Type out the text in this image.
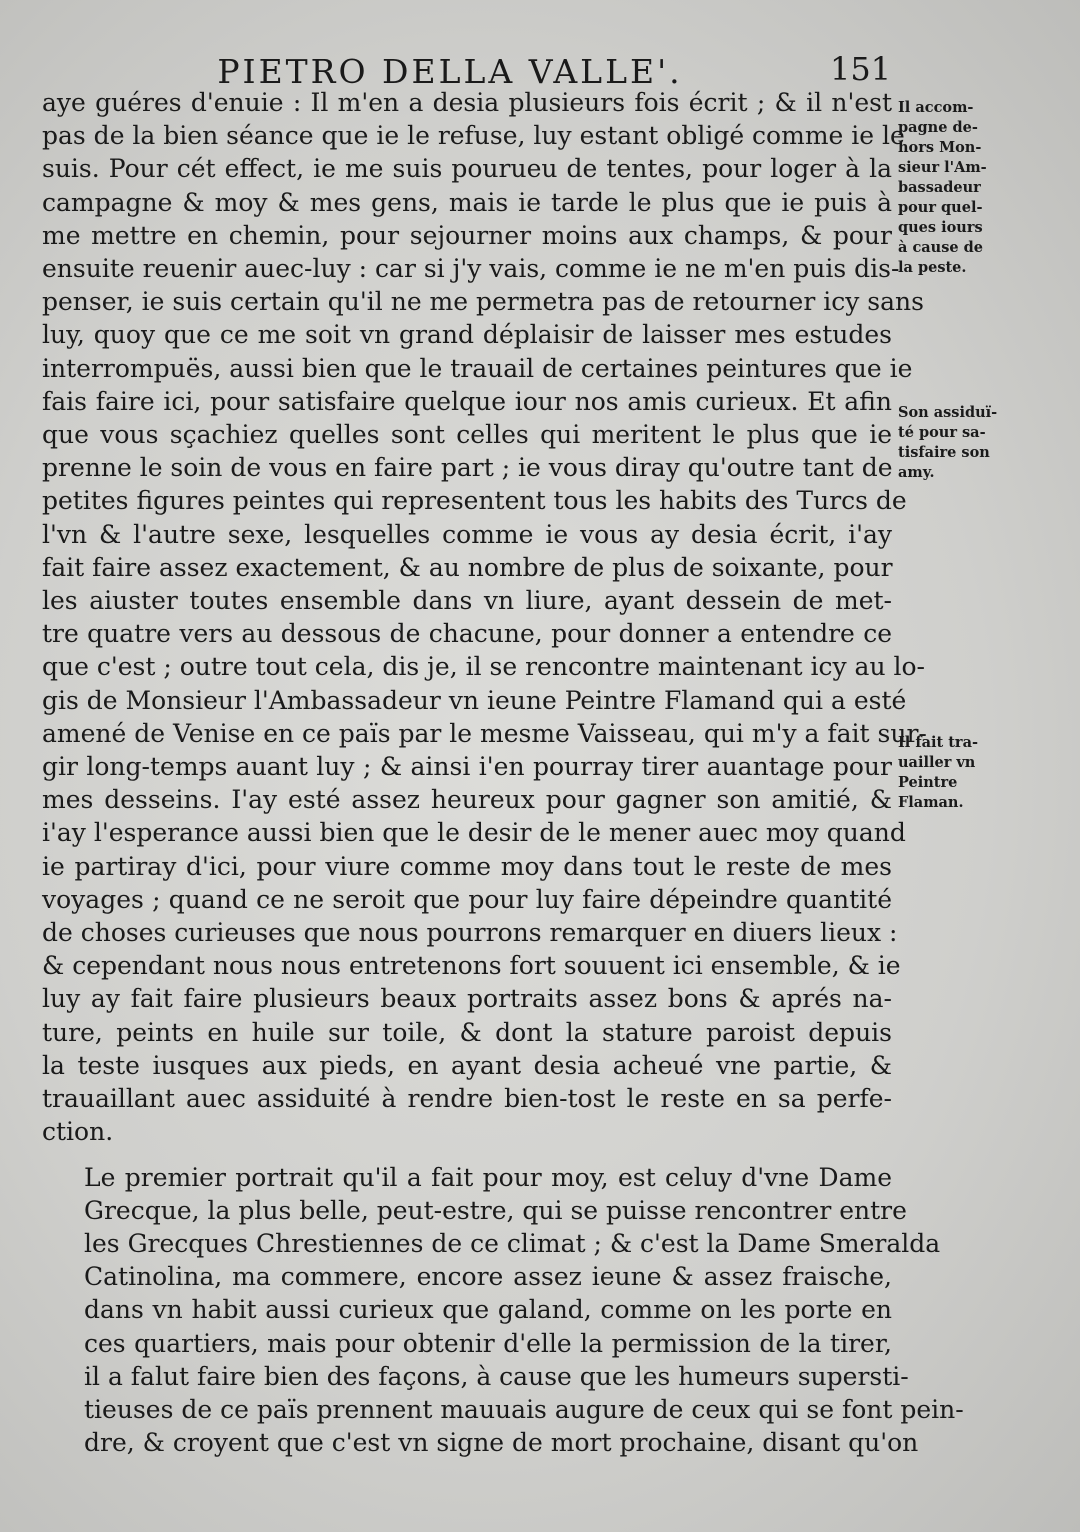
PIETRO DELLA VALLE'.	151

aye guéres d'enuie : Il m'en a desia plusieurs fois écrit ; & il n'est
pas de la bien séance que ie le refuse, luy estant obligé comme ie le
suis. Pour cét effect, ie me suis pourueu de tentes, pour loger à la
campagne & moy & mes gens, mais ie tarde le plus que ie puis à
me mettre en chemin, pour sejourner moins aux champs, & pour
ensuite reuenir auec-luy : car si j'y vais, comme ie ne m'en puis dis-
penser, ie suis certain qu'il ne me permetra pas de retourner icy sans
luy, quoy que ce me soit vn grand déplaisir de laisser mes estudes
interrompuës, aussi bien que le trauail de certaines peintures que ie
fais faire ici, pour satisfaire quelque iour nos amis curieux. Et afin
que vous sçachiez quelles sont celles qui meritent le plus que ie
prenne le soin de vous en faire part ; ie vous diray qu'outre tant de
petites figures peintes qui representent tous les habits des Turcs de
l'vn & l'autre sexe, lesquelles comme ie vous ay desia écrit, i'ay
fait faire assez exactement, & au nombre de plus de soixante, pour
les aiuster toutes ensemble dans vn liure, ayant dessein de met-
tre quatre vers au dessous de chacune, pour donner a entendre ce
que c'est ; outre tout cela, dis je, il se rencontre maintenant icy au lo-
gis de Monsieur l'Ambassadeur vn ieune Peintre Flamand qui a esté
amené de Venise en ce païs par le mesme Vaisseau, qui m'y a fait sur-
gir long-temps auant luy ; & ainsi i'en pourray tirer auantage pour
mes desseins. I'ay esté assez heureux pour gagner son amitié, &
i'ay l'esperance aussi bien que le desir de le mener auec moy quand
ie partiray d'ici, pour viure comme moy dans tout le reste de mes
voyages ; quand ce ne seroit que pour luy faire dépeindre quantité
de choses curieuses que nous pourrons remarquer en diuers lieux :
& cependant nous nous entretenons fort souuent ici ensemble, & ie
luy ay fait faire plusieurs beaux portraits assez bons & aprés na-
ture, peints en huile sur toile, & dont la stature paroist depuis
la teste iusques aux pieds, en ayant desia acheué vne partie, &
trauaillant auec assiduité à rendre bien-tost le reste en sa perfe-
ction.

Le premier portrait qu'il a fait pour moy, est celuy d'vne Dame
Grecque, la plus belle, peut-estre, qui se puisse rencontrer entre
les Grecques Chrestiennes de ce climat ; & c'est la Dame Smeralda
Catinolina, ma commere, encore assez ieune & assez fraische,
dans vn habit aussi curieux que galand, comme on les porte en
ces quartiers, mais pour obtenir d'elle la permission de la tirer,
il a falut faire bien des façons, à cause que les humeurs supersti-
tieuses de ce païs prennent mauuais augure de ceux qui se font pein-
dre, & croyent que c'est vn signe de mort prochaine, disant qu'on

Il accom-
pagne de-
hors Mon-
sieur l'Am-
bassadeur
pour quel-
ques iours
à cause de
la peste.
Son assiduï-
té pour sa-
tisfaire son
amy.
Il fait tra-
uailler vn
Peintre
Flaman.
